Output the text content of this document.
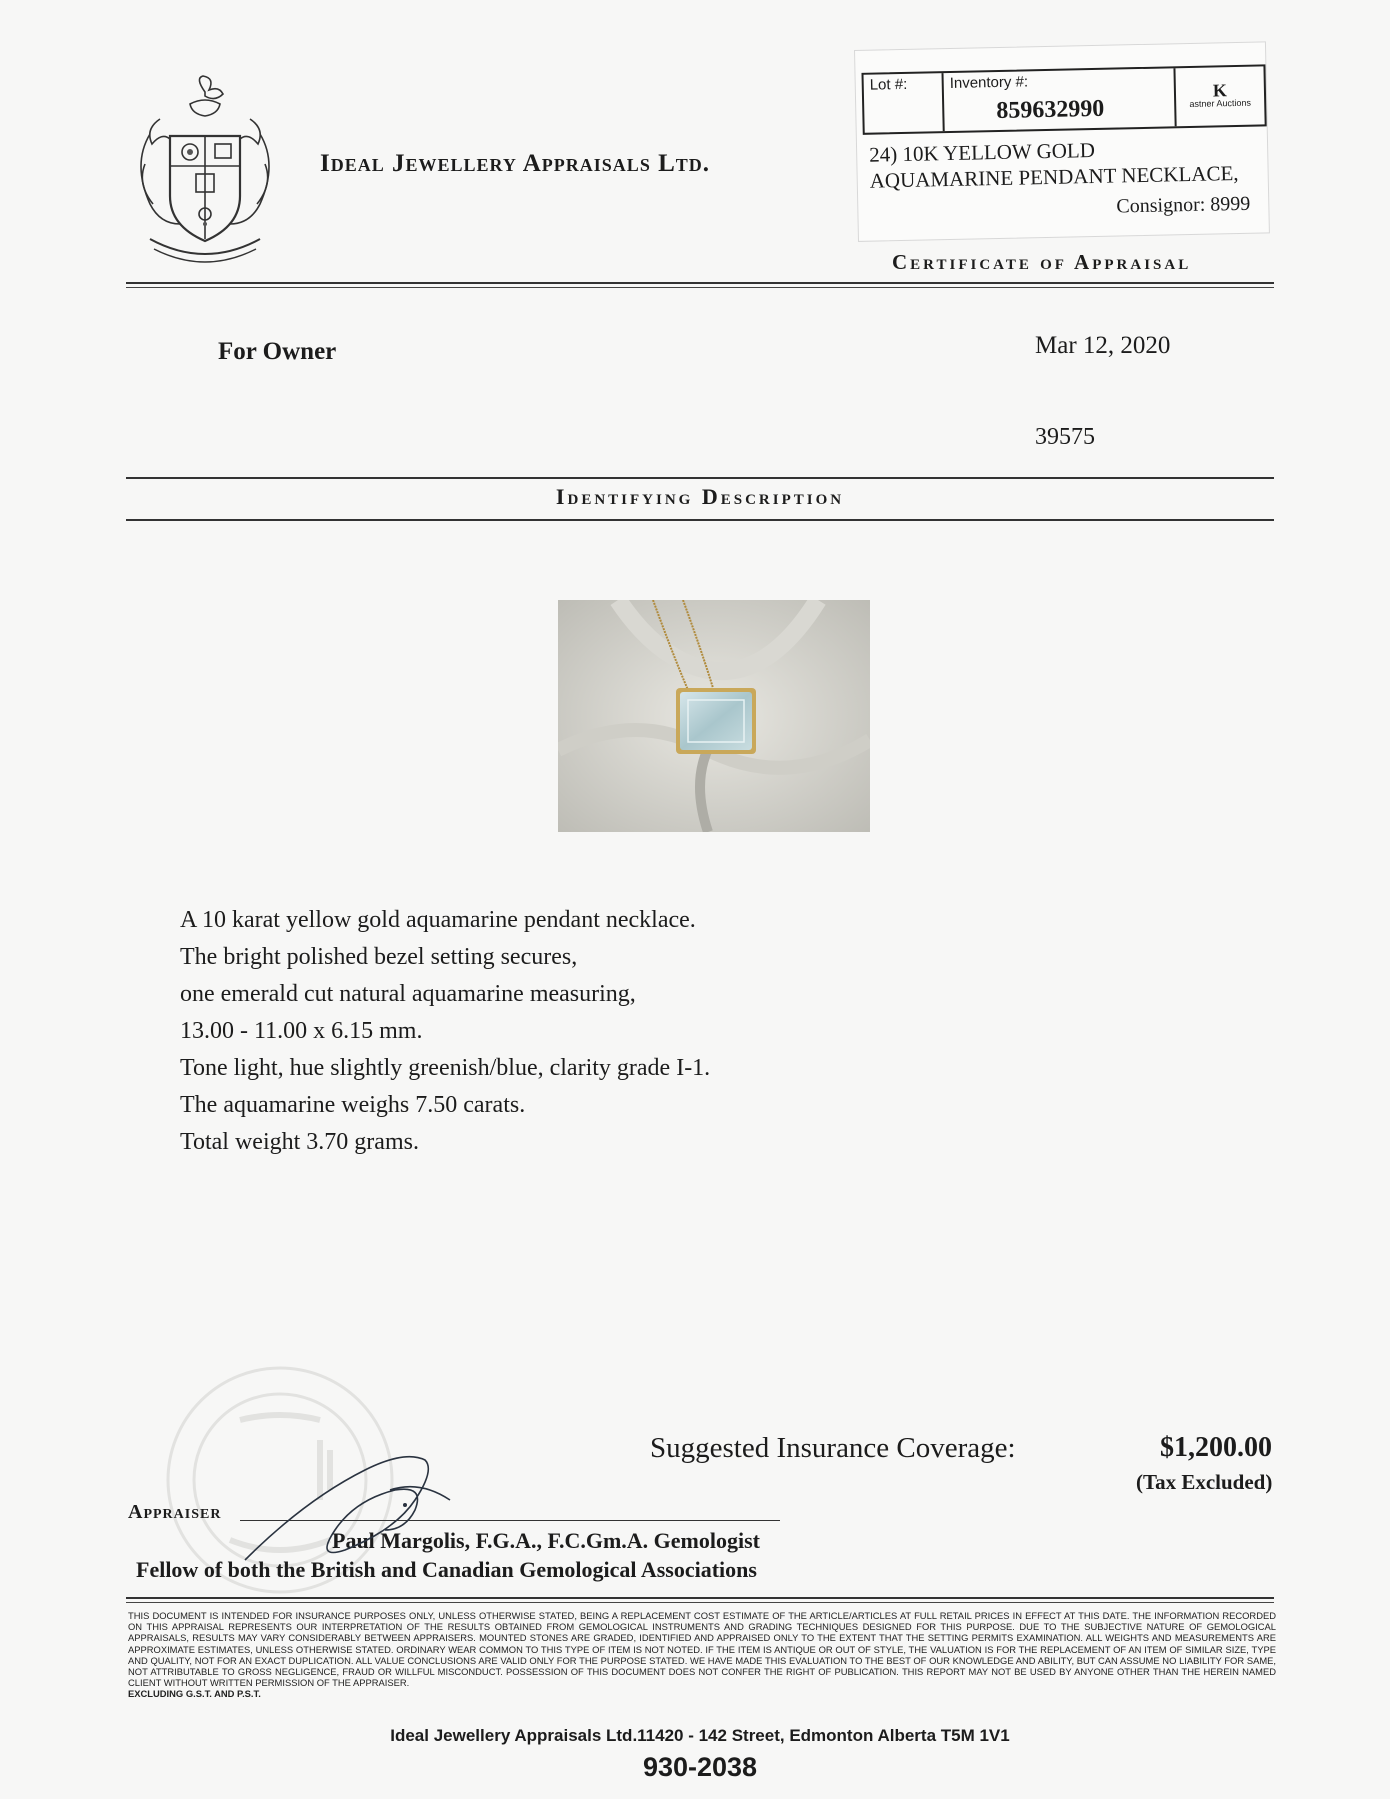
Ideal Jewellery Appraisals Ltd.
Lot #:	Inventory #:
859632990
K
astner Auctions
24) 10K YELLOW GOLD
AQUAMARINE PENDANT NECKLACE,
Consignor: 8999
Certificate of Appraisal
For Owner	Mar 12, 2020
39575
Identifying Description
A 10 karat yellow gold aquamarine pendant necklace.
The bright polished bezel setting secures,
one emerald cut natural aquamarine measuring,
13.00 - 11.00 x 6.15 mm.
Tone light, hue slightly greenish/blue, clarity grade I-1.
The aquamarine weighs 7.50 carats.
Total weight 3.70 grams.
Suggested Insurance Coverage:	$1,200.00
(Tax Excluded)
Appraiser
Paul Margolis, F.G.A., F.C.Gm.A. Gemologist
Fellow of both the British and Canadian Gemological Associations
THIS DOCUMENT IS INTENDED FOR INSURANCE PURPOSES ONLY, UNLESS OTHERWISE STATED, BEING A REPLACEMENT COST ESTIMATE OF THE ARTICLE/ARTICLES AT FULL RETAIL PRICES IN EFFECT AT THIS DATE. THE INFORMATION RECORDED ON THIS APPRAISAL REPRESENTS OUR INTERPRETATION OF THE RESULTS OBTAINED FROM GEMOLOGICAL INSTRUMENTS AND GRADING TECHNIQUES DESIGNED FOR THIS PURPOSE. DUE TO THE SUBJECTIVE NATURE OF GEMOLOGICAL APPRAISALS, RESULTS MAY VARY CONSIDERABLY BETWEEN APPRAISERS. MOUNTED STONES ARE GRADED, IDENTIFIED AND APPRAISED ONLY TO THE EXTENT THAT THE SETTING PERMITS EXAMINATION. ALL WEIGHTS AND MEASUREMENTS ARE APPROXIMATE ESTIMATES, UNLESS OTHERWISE STATED. ORDINARY WEAR COMMON TO THIS TYPE OF ITEM IS NOT NOTED. IF THE ITEM IS ANTIQUE OR OUT OF STYLE, THE VALUATION IS FOR THE REPLACEMENT OF AN ITEM OF SIMILAR SIZE, TYPE AND QUALITY, NOT FOR AN EXACT DUPLICATION. ALL VALUE CONCLUSIONS ARE VALID ONLY FOR THE PURPOSE STATED. WE HAVE MADE THIS EVALUATION TO THE BEST OF OUR KNOWLEDGE AND ABILITY, BUT CAN ASSUME NO LIABILITY FOR SAME, NOT ATTRIBUTABLE TO GROSS NEGLIGENCE, FRAUD OR WILLFUL MISCONDUCT. POSSESSION OF THIS DOCUMENT DOES NOT CONFER THE RIGHT OF PUBLICATION. THIS REPORT MAY NOT BE USED BY ANYONE OTHER THAN THE HEREIN NAMED CLIENT WITHOUT WRITTEN PERMISSION OF THE APPRAISER.
EXCLUDING G.S.T. AND P.S.T.
Ideal Jewellery Appraisals Ltd.11420 - 142 Street, Edmonton Alberta T5M 1V1
930-2038
